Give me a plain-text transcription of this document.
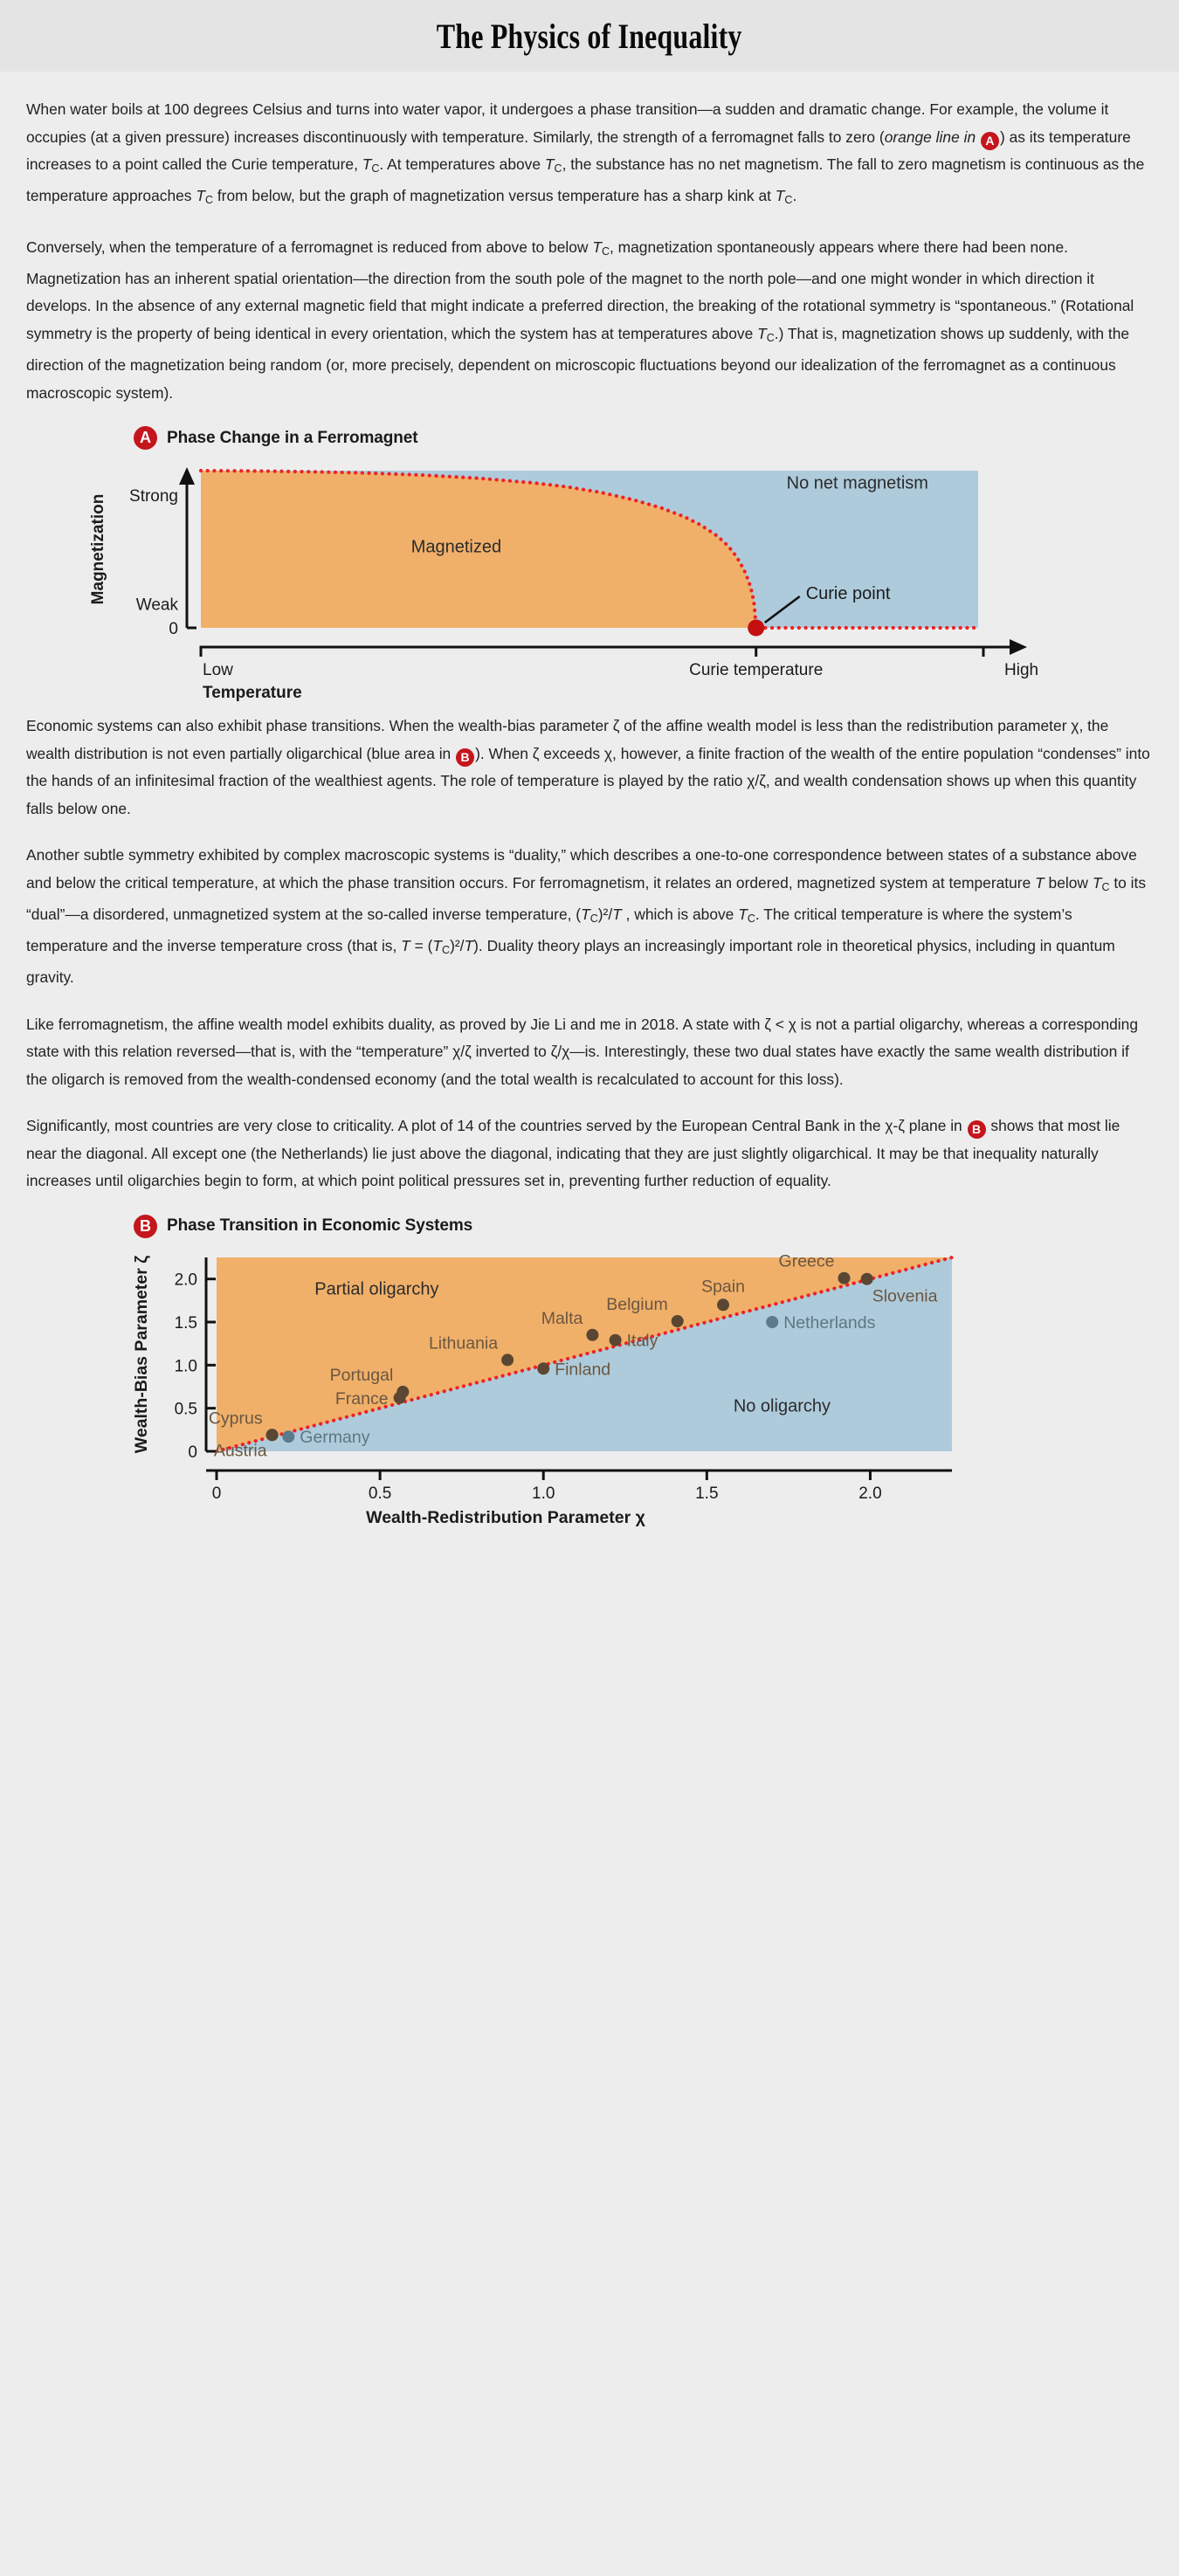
The Physics of Inequality

When water boils at 100 degrees Celsius and turns into water vapor, it undergoes a phase transition—a sudden and dramatic change. For example, the volume it occupies (at a given pressure) increases discontinuously with temperature. Similarly, the strength of a ferromagnet falls to zero (orange line in A ) as its temperature increases to a point called the Curie temperature, $T_C$. At temperatures above $T_C$, the substance has no net magnetism. The fall to zero magnetism is continuous as the temperature approaches $T_C$ from below, but the graph of magnetization versus temperature has a sharp kink at $T_C$.

Conversely, when the temperature of a ferromagnet is reduced from above to below $T_C$, magnetization spontaneously appears where there had been none. Magnetization has an inherent spatial orientation—the direction from the south pole of the magnet to the north pole—and one might wonder in which direction it develops. In the absence of any external magnetic field that might indicate a preferred direction, the breaking of the rotational symmetry is “spontaneous.” (Rotational symmetry is the property of being identical in every orientation, which the system has at temperatures above $T_C$.) That is, magnetization shows up suddenly, with the direction of the magnetization being random (or, more precisely, dependent on microscopic fluctuations beyond our idealization of the ferromagnet as a continuous macroscopic system).

A Phase Change in a Ferromagnet
Strong
Weak
0
Magnetization
Low	Curie temperature	High
Temperature
Magnetized
No net magnetism
Curie point

Economic systems can also exhibit phase transitions. When the wealth-bias parameter ζ of the affine wealth model is less than the redistribution parameter χ, the wealth distribution is not even partially oligarchical (blue area in B ). When ζ exceeds χ, however, a finite fraction of the wealth of the entire population “condenses” into the hands of an infinitesimal fraction of the wealthiest agents. The role of temperature is played by the ratio χ/ζ, and wealth condensation shows up when this quantity falls below one.

Another subtle symmetry exhibited by complex macroscopic systems is “duality,” which describes a one-to-one correspondence between states of a substance above and below the critical temperature, at which the phase transition occurs. For ferromagnetism, it relates an ordered, magnetized system at temperature T below $T_C$ to its “dual”—a disordered, unmagnetized system at the so-called inverse temperature, $(T_C)^2/T$ , which is above $T_C$. The critical temperature is where the system’s temperature and the inverse temperature cross (that is, $T = (T_C)^2/T$). Duality theory plays an increasingly important role in theoretical physics, including in quantum gravity.

Like ferromagnetism, the affine wealth model exhibits duality, as proved by Jie Li and me in 2018. A state with ζ < χ is not a partial oligarchy, whereas a corresponding state with this relation reversed—that is, with the “temperature” χ/ζ inverted to ζ/χ—is. Interestingly, these two dual states have exactly the same wealth distribution if the oligarch is removed from the wealth-condensed economy (and the total wealth is recalculated to account for this loss).

Significantly, most countries are very close to criticality. A plot of 14 of the countries served by the European Central Bank in the χ-ζ plane in B shows that most lie near the diagonal. All except one (the Netherlands) lie just above the diagonal, indicating that they are just slightly oligarchical. It may be that inequality naturally increases until oligarchies begin to form, at which point political pressures set in, preventing further reduction of equality.

B Phase Transition in Economic Systems
0
0.5
1.0
1.5
2.0
0	0.5	1.0	1.5	2.0
Wealth-Bias Parameter ζ
Wealth-Redistribution Parameter χ
Partial oligarchy
No oligarchy
Austria
Cyprus
Germany
France
Portugal
Lithuania
Finland
Malta
Italy
Belgium
Spain
Netherlands
Greece
Slovenia
